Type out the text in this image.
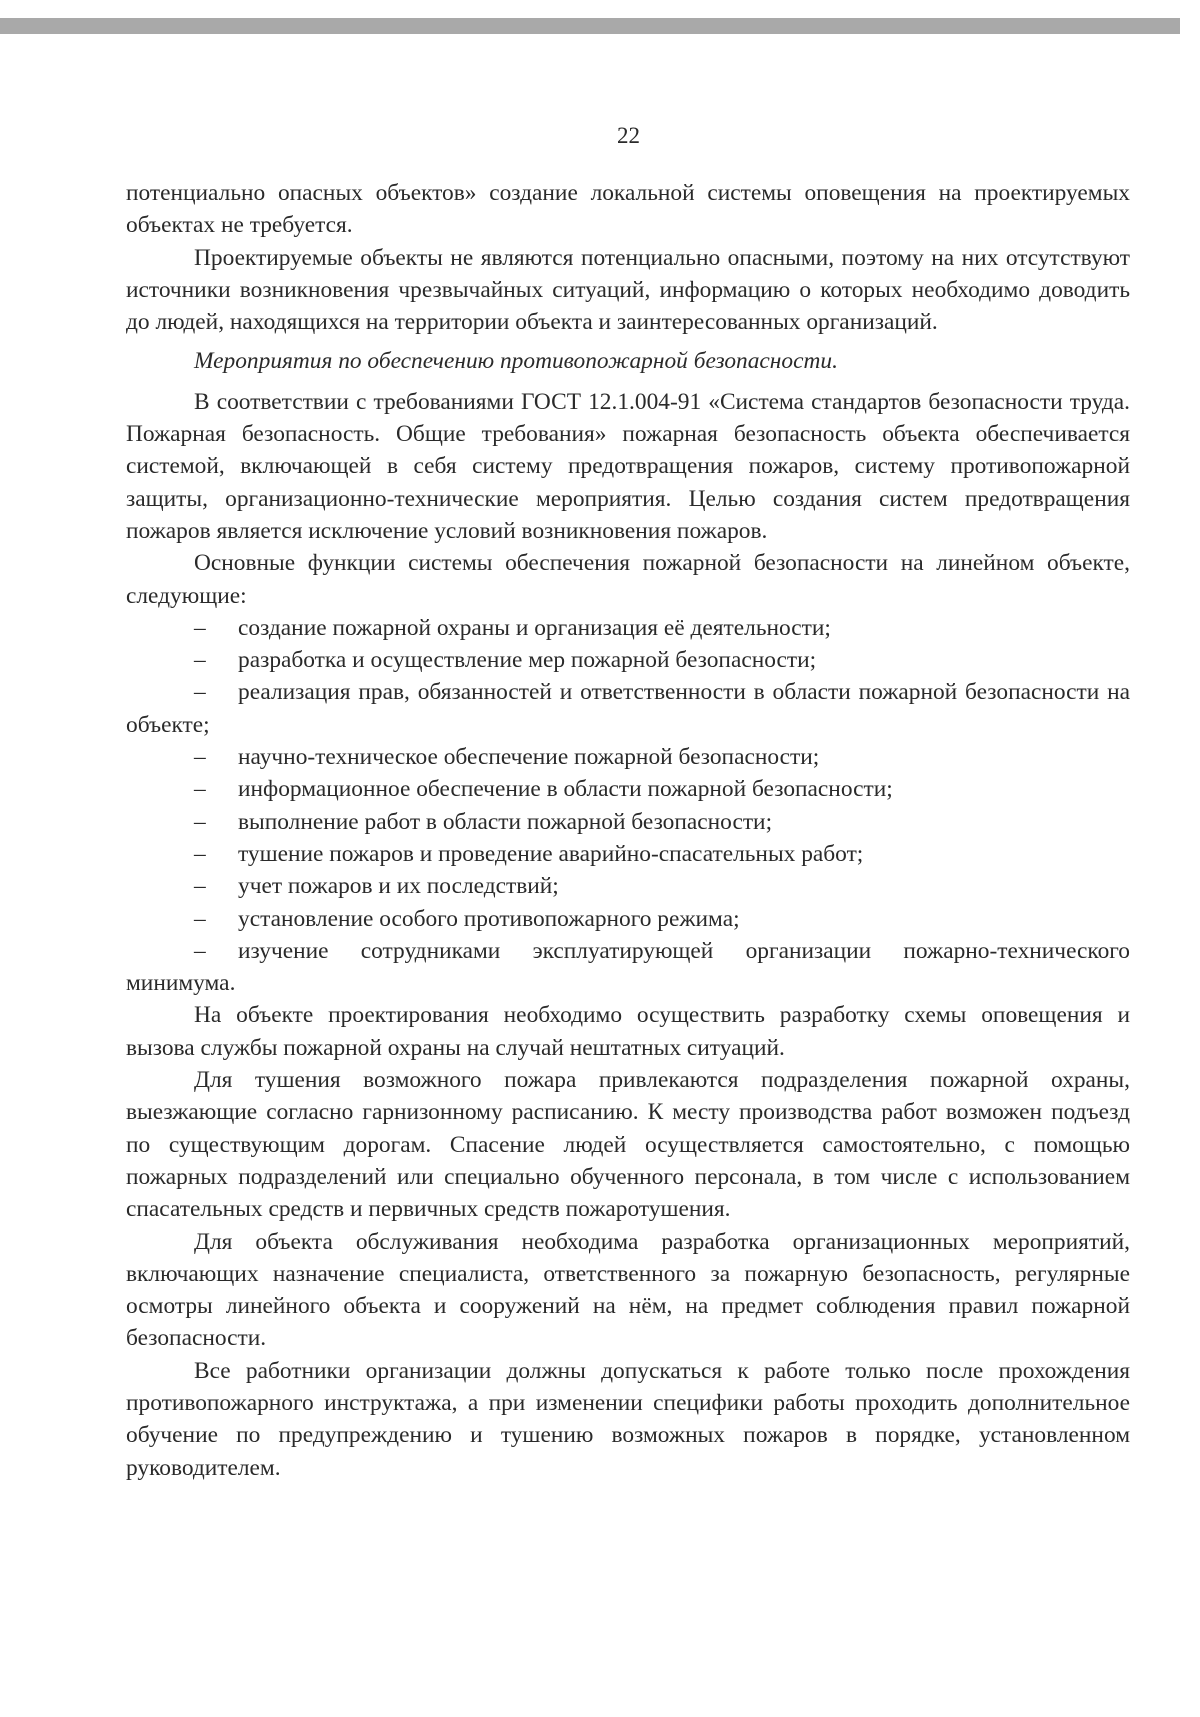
22

потенциально опасных объектов» создание локальной системы оповещения на проектируемых объектах не требуется.

Проектируемые объекты не являются потенциально опасными, поэтому на них отсутствуют источники возникновения чрезвычайных ситуаций, информацию о которых необходимо доводить до людей, находящихся на территории объекта и заинтересованных организаций.

Мероприятия по обеспечению противопожарной безопасности.

В соответствии с требованиями ГОСТ 12.1.004-91 «Система стандартов безопасности труда. Пожарная безопасность. Общие требования» пожарная безопасность объекта обеспечивается системой, включающей в себя систему предотвращения пожаров, систему противопожарной защиты, организационно-технические мероприятия. Целью создания систем предотвращения пожаров является исключение условий возникновения пожаров.

Основные функции системы обеспечения пожарной безопасности на линейном объекте, следующие:

–	создание пожарной охраны и организация её деятельности;

–	разработка и осуществление мер пожарной безопасности;

–	реализация прав, обязанностей и ответственности в области пожарной безопасности на объекте;

–	научно-техническое обеспечение пожарной безопасности;

–	информационное обеспечение в области пожарной безопасности;

–	выполнение работ в области пожарной безопасности;

–	тушение пожаров и проведение аварийно-спасательных работ;

–	учет пожаров и их последствий;

–	установление особого противопожарного режима;

–	изучение сотрудниками эксплуатирующей организации пожарно-технического минимума.

На объекте проектирования необходимо осуществить разработку схемы оповещения и вызова службы пожарной охраны на случай нештатных ситуаций.

Для тушения возможного пожара привлекаются подразделения пожарной охраны, выезжающие согласно гарнизонному расписанию. К месту производства работ возможен подъезд по существующим дорогам. Спасение людей осуществляется самостоятельно, с помощью пожарных подразделений или специально обученного персонала, в том числе с использованием спасательных средств и первичных средств пожаротушения.

Для объекта обслуживания необходима разработка организационных мероприятий, включающих назначение специалиста, ответственного за пожарную безопасность, регулярные осмотры линейного объекта и сооружений на нём, на предмет соблюдения правил пожарной безопасности.

Все работники организации должны допускаться к работе только после прохождения противопожарного инструктажа, а при изменении специфики работы проходить дополнительное обучение по предупреждению и тушению возможных пожаров в порядке, установленном руководителем.
